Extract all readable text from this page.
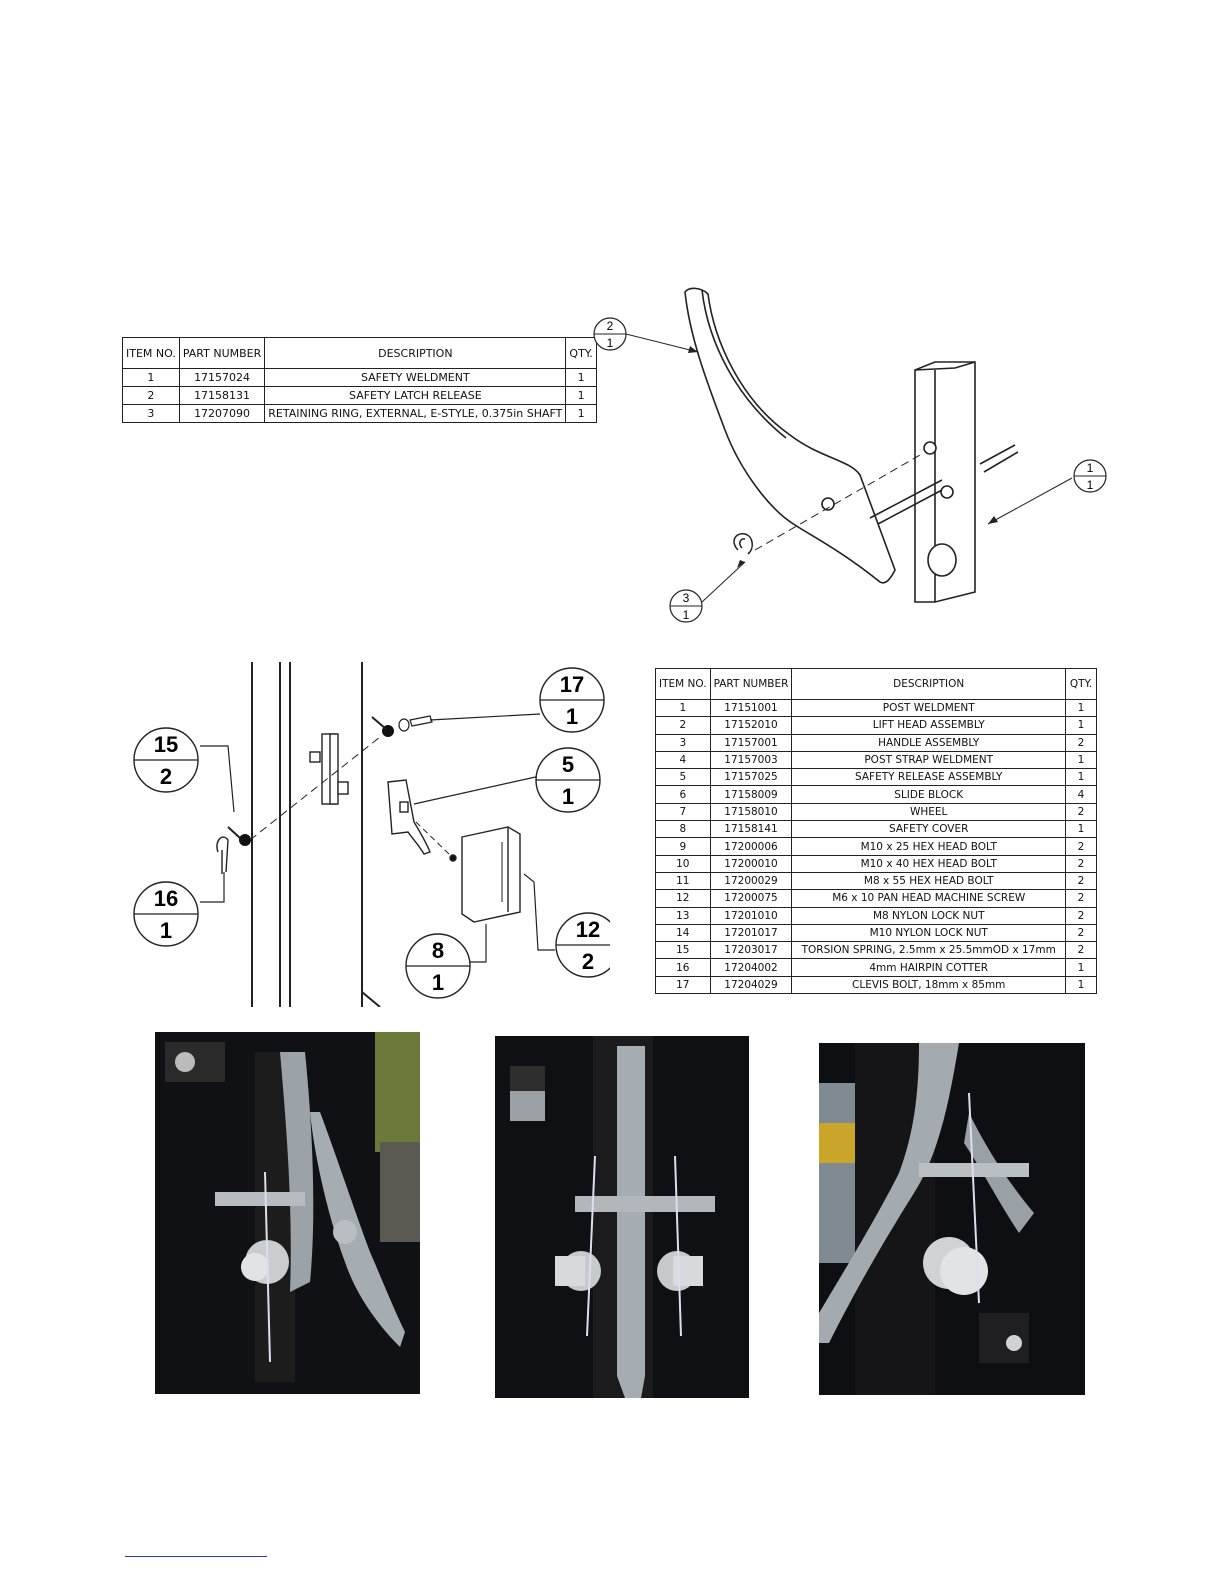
ITEM NO.	PART NUMBER	DESCRIPTION	QTY.
1	17157024	SAFETY WELDMENT	1
2	17158131	SAFETY LATCH RELEASE	1
3	17207090	RETAINING RING, EXTERNAL, E-STYLE, 0.375in SHAFT	1
2
1
1
1
3
1
17
1
15
2	5
1
16
1	12
2
8
1
ITEM NO.	PART NUMBER	DESCRIPTION	QTY.
1	17151001	POST WELDMENT	1
2	17152010	LIFT HEAD ASSEMBLY	1
3	17157001	HANDLE ASSEMBLY	2
4	17157003	POST STRAP WELDMENT	1
5	17157025	SAFETY RELEASE ASSEMBLY	1
6	17158009	SLIDE BLOCK	4
7	17158010	WHEEL	2
8	17158141	SAFETY COVER	1
9	17200006	M10 x 25 HEX HEAD BOLT	2
10	17200010	M10 x 40 HEX HEAD BOLT	2
11	17200029	M8 x 55 HEX HEAD BOLT	2
12	17200075	M6 x 10 PAN HEAD MACHINE SCREW	2
13	17201010	M8 NYLON LOCK NUT	2
14	17201017	M10 NYLON LOCK NUT	2
15	17203017	TORSION SPRING, 2.5mm x 25.5mmOD x 17mm	2
16	17204002	4mm HAIRPIN COTTER	1
17	17204029	CLEVIS BOLT, 18mm x 85mm	1
